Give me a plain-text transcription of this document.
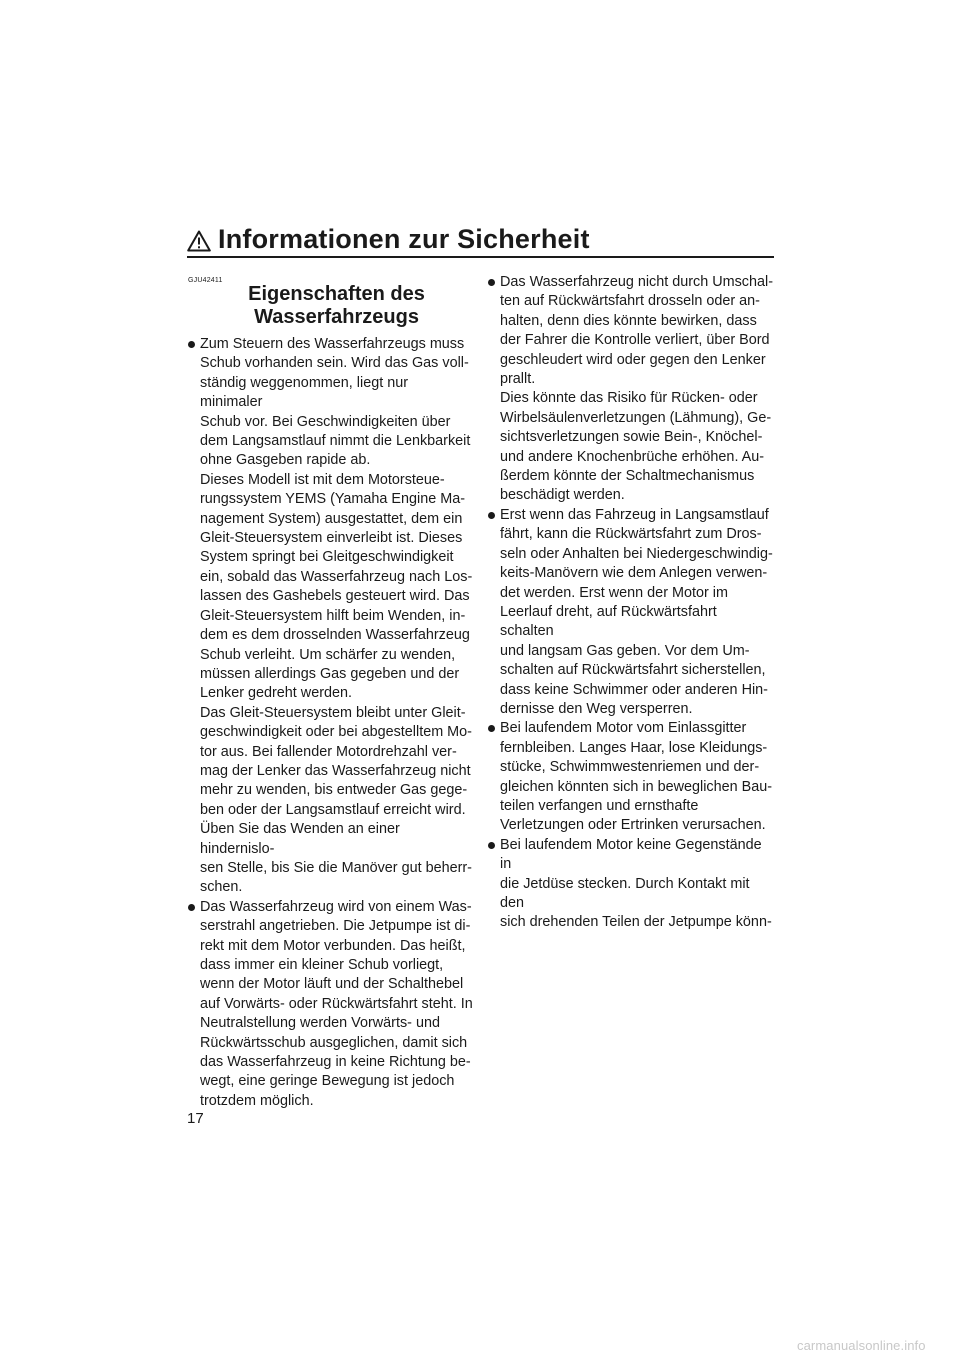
Informationen zur Sicherheit
GJU42411
Eigenschaften des
Wasserfahrzeugs

Zum Steuern des Wasserfahrzeugs muss
Schub vorhanden sein. Wird das Gas voll-
ständig weggenommen, liegt nur minimaler
Schub vor. Bei Geschwindigkeiten über
dem Langsamstlauf nimmt die Lenkbarkeit
ohne Gasgeben rapide ab.

Dieses Modell ist mit dem Motorsteue-
rungssystem YEMS (Yamaha Engine Ma-
nagement System) ausgestattet, dem ein
Gleit-Steuersystem einverleibt ist. Dieses
System springt bei Gleitgeschwindigkeit
ein, sobald das Wasserfahrzeug nach Los-
lassen des Gashebels gesteuert wird. Das
Gleit-Steuersystem hilft beim Wenden, in-
dem es dem drosselnden Wasserfahrzeug
Schub verleiht. Um schärfer zu wenden,
müssen allerdings Gas gegeben und der
Lenker gedreht werden.

Das Gleit-Steuersystem bleibt unter Gleit-
geschwindigkeit oder bei abgestelltem Mo-
tor aus. Bei fallender Motordrehzahl ver-
mag der Lenker das Wasserfahrzeug nicht
mehr zu wenden, bis entweder Gas gege-
ben oder der Langsamstlauf erreicht wird.
Üben Sie das Wenden an einer hindernislo-
sen Stelle, bis Sie die Manöver gut beherr-
schen.

Das Wasserfahrzeug wird von einem Was-
serstrahl angetrieben. Die Jetpumpe ist di-
rekt mit dem Motor verbunden. Das heißt,
dass immer ein kleiner Schub vorliegt,
wenn der Motor läuft und der Schalthebel
auf Vorwärts- oder Rückwärtsfahrt steht. In
Neutralstellung werden Vorwärts- und
Rückwärtsschub ausgeglichen, damit sich
das Wasserfahrzeug in keine Richtung be-
wegt, eine geringe Bewegung ist jedoch
trotzdem möglich.

Das Wasserfahrzeug nicht durch Umschal-
ten auf Rückwärtsfahrt drosseln oder an-
halten, denn dies könnte bewirken, dass
der Fahrer die Kontrolle verliert, über Bord
geschleudert wird oder gegen den Lenker
prallt.

Dies könnte das Risiko für Rücken- oder
Wirbelsäulenverletzungen (Lähmung), Ge-
sichtsverletzungen sowie Bein-, Knöchel-
und andere Knochenbrüche erhöhen. Au-
ßerdem könnte der Schaltmechanismus
beschädigt werden.

Erst wenn das Fahrzeug in Langsamstlauf
fährt, kann die Rückwärtsfahrt zum Dros-
seln oder Anhalten bei Niedergeschwindig-
keits-Manövern wie dem Anlegen verwen-
det werden. Erst wenn der Motor im
Leerlauf dreht, auf Rückwärtsfahrt schalten
und langsam Gas geben. Vor dem Um-
schalten auf Rückwärtsfahrt sicherstellen,
dass keine Schwimmer oder anderen Hin-
dernisse den Weg versperren.

Bei laufendem Motor vom Einlassgitter
fernbleiben. Langes Haar, lose Kleidungs-
stücke, Schwimmwestenriemen und der-
gleichen könnten sich in beweglichen Bau-
teilen verfangen und ernsthafte
Verletzungen oder Ertrinken verursachen.

Bei laufendem Motor keine Gegenstände in
die Jetdüse stecken. Durch Kontakt mit den
sich drehenden Teilen der Jetpumpe könn-

17
carmanualsonline.info
